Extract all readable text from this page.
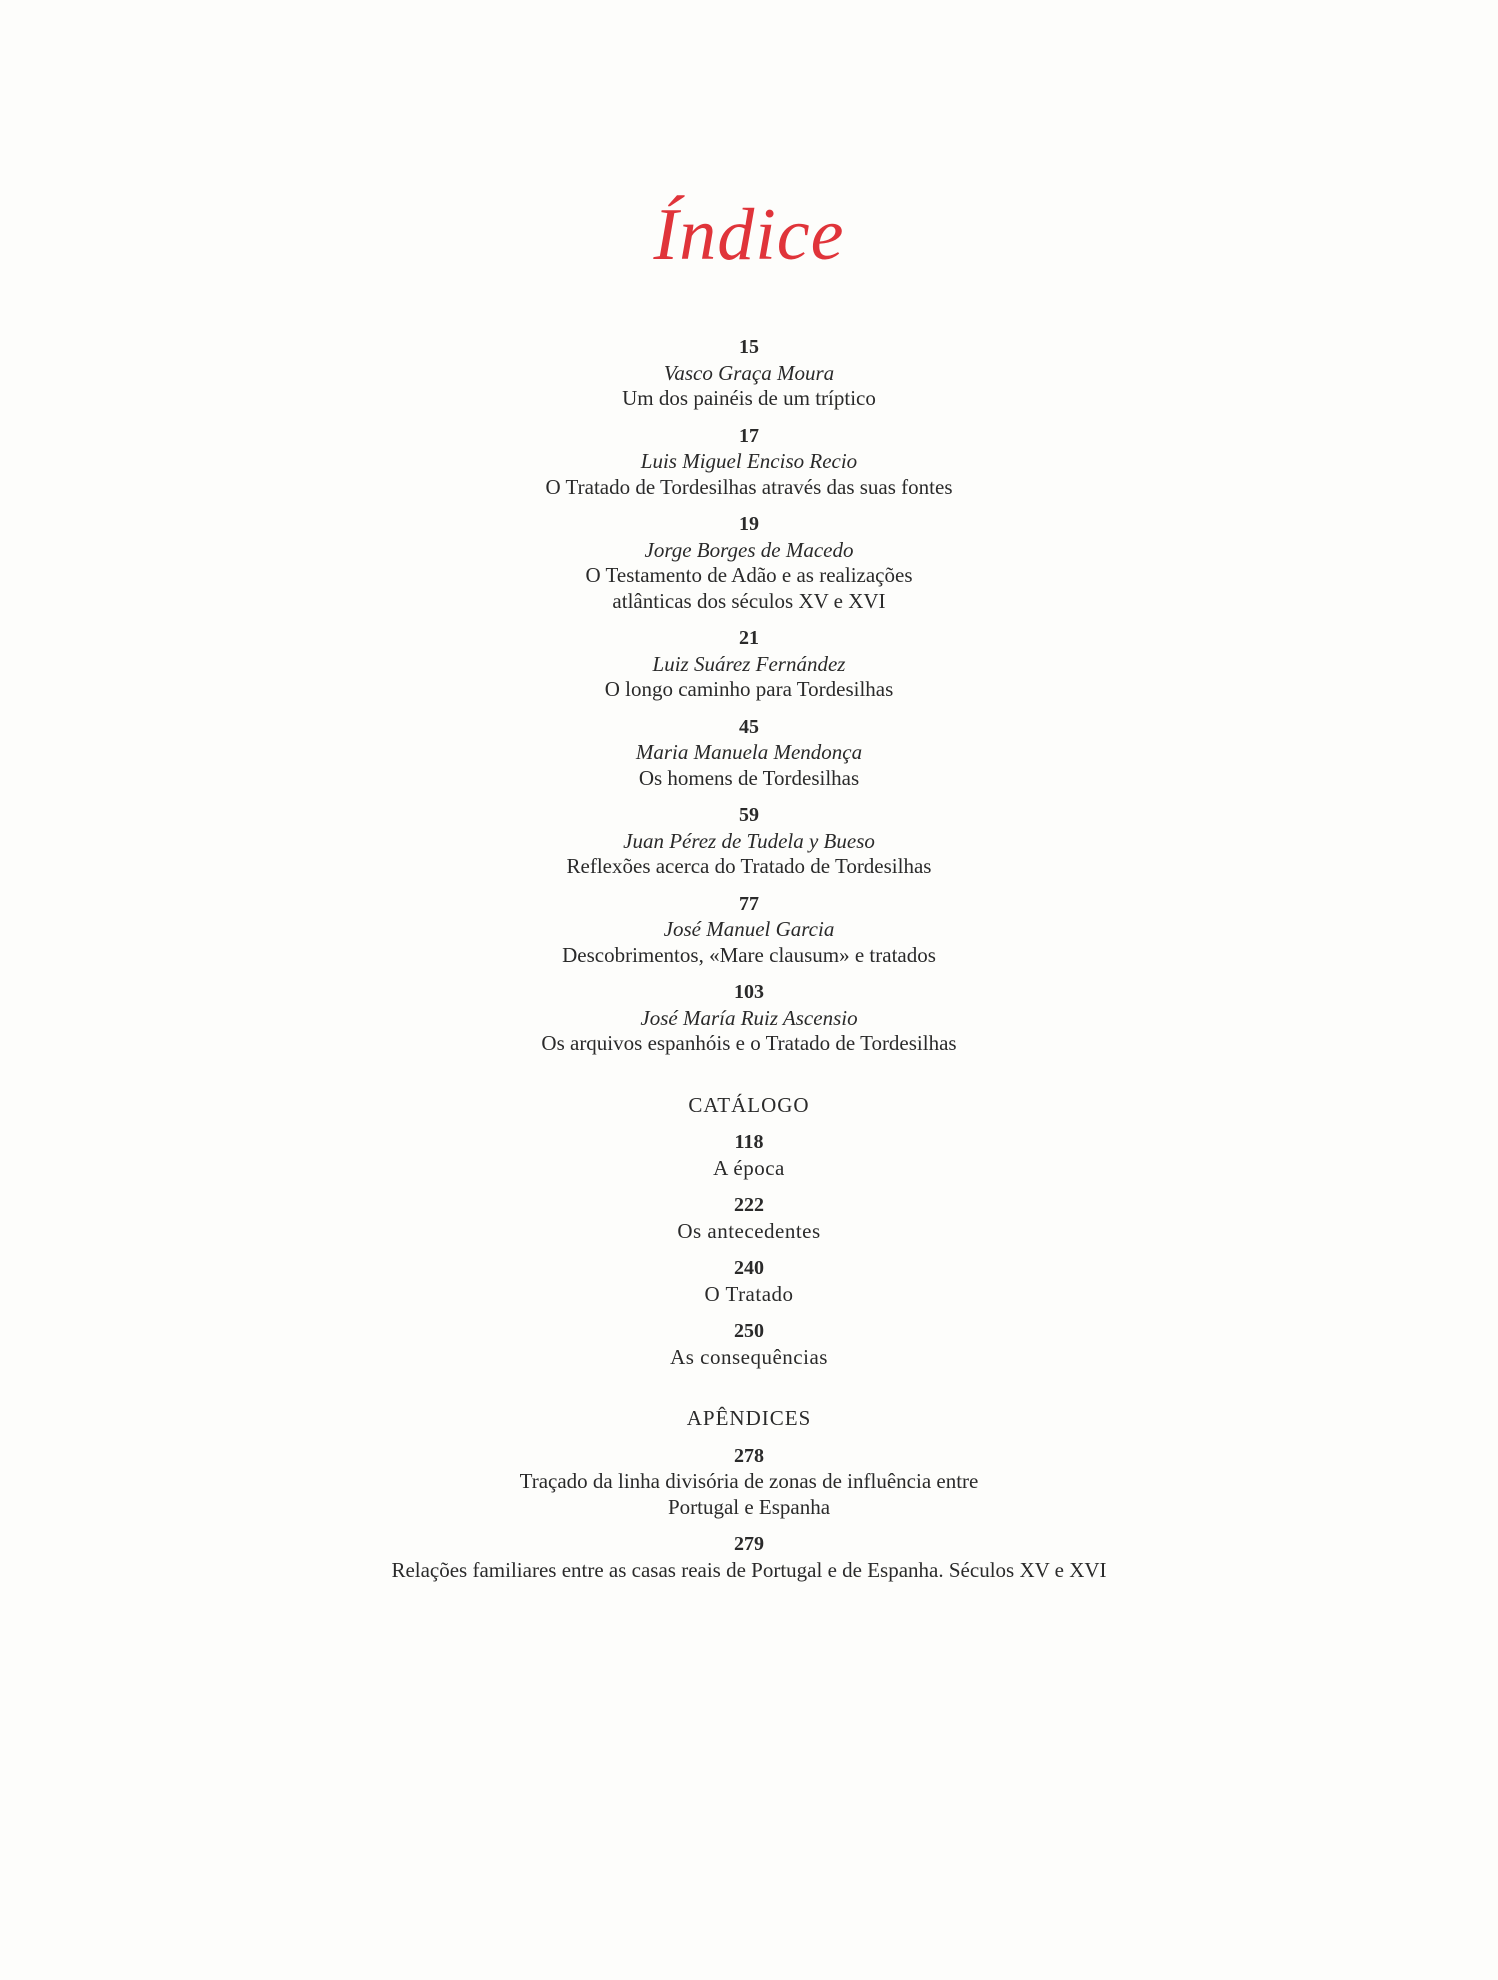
Índice
15
Vasco Graça Moura
Um dos painéis de um tríptico
17
Luis Miguel Enciso Recio
O Tratado de Tordesilhas através das suas fontes
19
Jorge Borges de Macedo
O Testamento de Adão e as realizações
atlânticas dos séculos XV e XVI
21
Luiz Suárez Fernández
O longo caminho para Tordesilhas
45
Maria Manuela Mendonça
Os homens de Tordesilhas
59
Juan Pérez de Tudela y Bueso
Reflexões acerca do Tratado de Tordesilhas
77
José Manuel Garcia
Descobrimentos, «Mare clausum» e tratados
103
José María Ruiz Ascensio
Os arquivos espanhóis e o Tratado de Tordesilhas
CATÁLOGO
118
A época
222
Os antecedentes
240
O Tratado
250
As consequências
APÊNDICES
278
Traçado da linha divisória de zonas de influência entre
Portugal e Espanha
279
Relações familiares entre as casas reais de Portugal e de Espanha. Séculos XV e XVI
